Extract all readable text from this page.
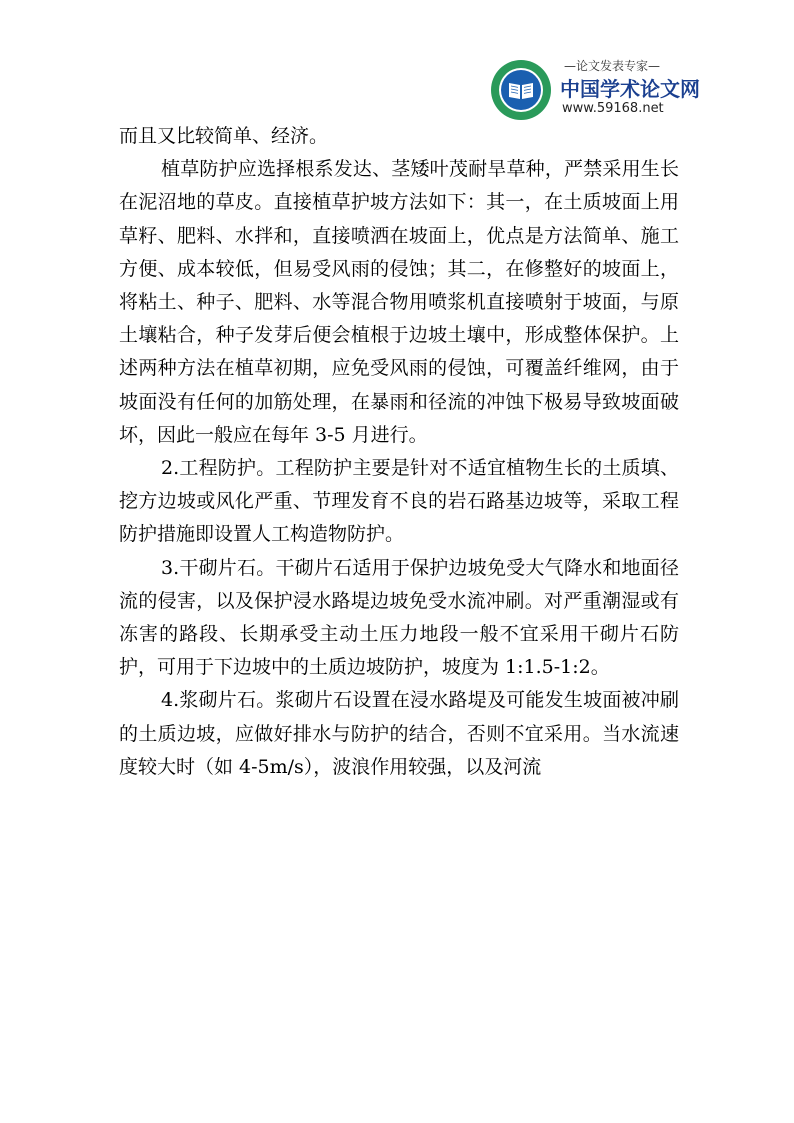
—论文发表专家—
中国学术论文网
www.59168.net

而且又比较简单、经济。

植草防护应选择根系发达、茎矮叶茂耐旱草种，严禁采用生长在泥沼地的草皮。直接植草护坡方法如下：其一，在土质坡面上用草籽、肥料、水拌和，直接喷洒在坡面上，优点是方法简单、施工方便、成本较低，但易受风雨的侵蚀；其二，在修整好的坡面上，将粘土、种子、肥料、水等混合物用喷浆机直接喷射于坡面，与原土壤粘合，种子发芽后便会植根于边坡土壤中，形成整体保护。上述两种方法在植草初期，应免受风雨的侵蚀，可覆盖纤维网，由于坡面没有任何的加筋处理，在暴雨和径流的冲蚀下极易导致坡面破坏，因此一般应在每年 3-5 月进行。

2.工程防护。工程防护主要是针对不适宜植物生长的土质填、挖方边坡或风化严重、节理发育不良的岩石路基边坡等，采取工程防护措施即设置人工构造物防护。

3.干砌片石。干砌片石适用于保护边坡免受大气降水和地面径流的侵害，以及保护浸水路堤边坡免受水流冲刷。对严重潮湿或有冻害的路段、长期承受主动土压力地段一般不宜采用干砌片石防护，可用于下边坡中的土质边坡防护，坡度为 1:1.5-1:2。

4.浆砌片石。浆砌片石设置在浸水路堤及可能发生坡面被冲刷的土质边坡，应做好排水与防护的结合，否则不宜采用。当水流速度较大时（如 4-5m/s），波浪作用较强，以及河流
